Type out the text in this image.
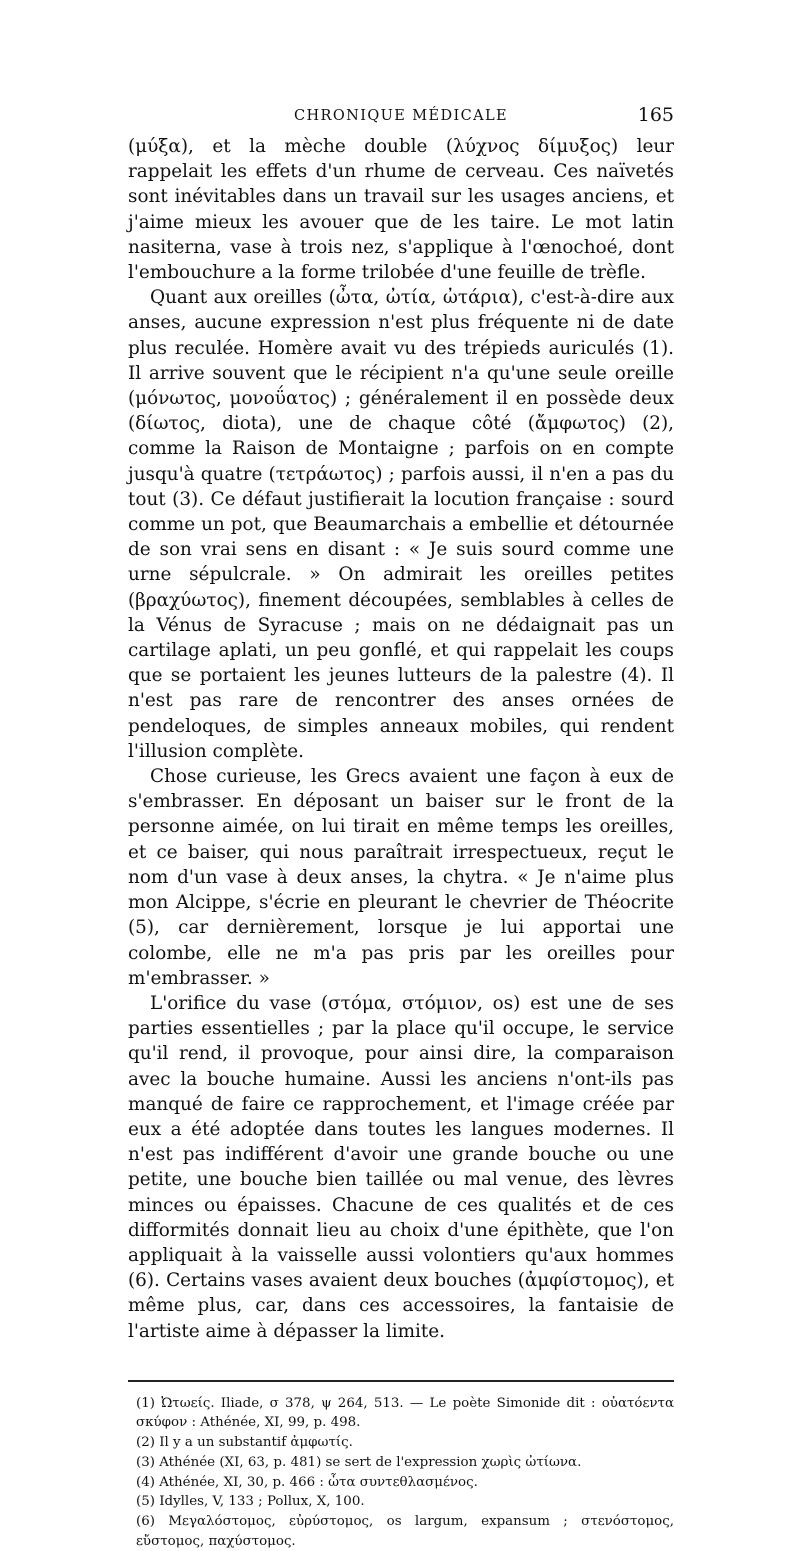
CHRONIQUE MÉDICALE	165

(μύξα), et la mèche double (λύχνος δίμυξος) leur rappelait les effets d'un rhume de cerveau. Ces naïvetés sont inévitables dans un travail sur les usages anciens, et j'aime mieux les avouer que de les taire. Le mot latin nasiterna, vase à trois nez, s'applique à l'œnochoé, dont l'embouchure a la forme trilobée d'une feuille de trèfle.

Quant aux oreilles (ὦτα, ὠτία, ὠτάρια), c'est-à-dire aux anses, aucune expression n'est plus fréquente ni de date plus reculée. Homère avait vu des trépieds auriculés (1). Il arrive souvent que le récipient n'a qu'une seule oreille (μόνωτος, μονοΰατος) ; généralement il en possède deux (δίωτος, diota), une de chaque côté (ἄμφωτος) (2), comme la Raison de Montaigne ; parfois on en compte jusqu'à quatre (τετράωτος) ; parfois aussi, il n'en a pas du tout (3). Ce défaut justifierait la locution française : sourd comme un pot, que Beaumarchais a embellie et détournée de son vrai sens en disant : « Je suis sourd comme une urne sépulcrale. » On admirait les oreilles petites (βραχύωτος), finement découpées, semblables à celles de la Vénus de Syracuse ; mais on ne dédaignait pas un cartilage aplati, un peu gonflé, et qui rappelait les coups que se portaient les jeunes lutteurs de la palestre (4). Il n'est pas rare de rencontrer des anses ornées de pendeloques, de simples anneaux mobiles, qui rendent l'illusion complète.

Chose curieuse, les Grecs avaient une façon à eux de s'embrasser. En déposant un baiser sur le front de la personne aimée, on lui tirait en même temps les oreilles, et ce baiser, qui nous paraîtrait irrespectueux, reçut le nom d'un vase à deux anses, la chytra. « Je n'aime plus mon Alcippe, s'écrie en pleurant le chevrier de Théocrite (5), car dernièrement, lorsque je lui apportai une colombe, elle ne m'a pas pris par les oreilles pour m'embrasser. »

L'orifice du vase (στόμα, στόμιον, os) est une de ses parties essentielles ; par la place qu'il occupe, le service qu'il rend, il provoque, pour ainsi dire, la comparaison avec la bouche humaine. Aussi les anciens n'ont-ils pas manqué de faire ce rapprochement, et l'image créée par eux a été adoptée dans toutes les langues modernes. Il n'est pas indifférent d'avoir une grande bouche ou une petite, une bouche bien taillée ou mal venue, des lèvres minces ou épaisses. Chacune de ces qualités et de ces difformités donnait lieu au choix d'une épithète, que l'on appliquait à la vaisselle aussi volontiers qu'aux hommes (6). Certains vases avaient deux bouches (ἀμφίστομος), et même plus, car, dans ces accessoires, la fantaisie de l'artiste aime à dépasser la limite.

(1) Ὠτωείς. Iliade, σ 378, ψ 264, 513. — Le poète Simonide dit : οὐατόεντα σκύφον : Athénée, XI, 99, p. 498.

(2) Il y a un substantif ἀμφωτίς.

(3) Athénée (XI, 63, p. 481) se sert de l'expression χωρὶς ὠτίωνα.

(4) Athénée, XI, 30, p. 466 : ὦτα συντεθλασμένος.

(5) Idylles, V, 133 ; Pollux, X, 100.

(6) Μεγαλόστομος, εὐρύστομος, os largum, expansum ; στενόστομος, εὔστομος, παχύστομος.
